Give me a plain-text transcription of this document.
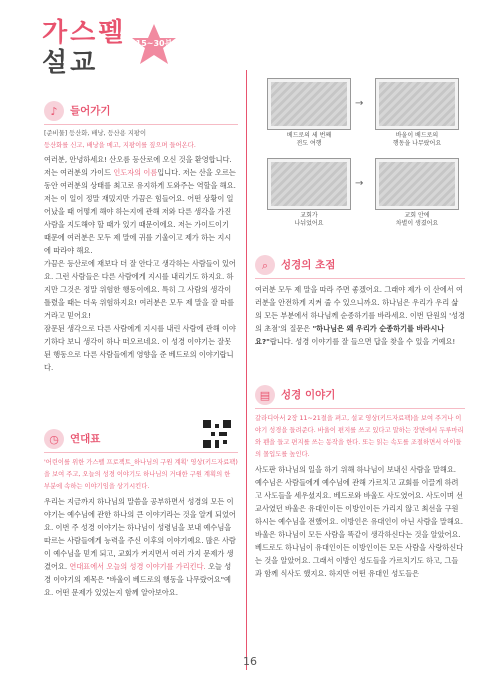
가스펠
설교
15~30분
♪	들어가기
[준비물] 등산화, 배낭, 등산용 지팡이
등산화를 신고, 배낭을 메고, 지팡이를 짚으며 들어온다.
여러분, 안녕하세요! 산오름 등산로에 오신 것을 환영합니다. 저는 여러분의 가이드 인도자의 이름입니다. 저는 산을 오르는 동안 여러분의 상태를 최고로 유지하게 도와주는 역할을 해요. 저는 이 일이 정말 재밌지만 가끔은 힘들어요. 어떤 상황이 일어났을 때 어떻게 해야 하는지에 관해 저와 다른 생각을 가진 사람을 지도해야 할 때가 있기 때문이에요. 저는 가이드이기 때문에 여러분은 모두 제 말에 귀를 기울이고 제가 하는 지시에 따라야 해요.
가끔은 등산로에 재보다 더 잘 안다고 생각하는 사람들이 있어요. 그런 사람들은 다른 사람에게 지시를 내리기도 하지요. 하지만 그것은 정말 위험한 행동이에요. 특히 그 사람의 생각이 틀렸을 때는 더욱 위험하지요! 여러분은 모두 제 말을 잘 따를 거라고 믿어요!
잠문된 생각으로 다른 사람에게 지시를 내린 사람에 관해 이야기하다 보니 생각이 하나 떠오르네요. 이 성경 이야기는 잘못된 행동으로 다른 사람들에게 영향을 준 베드로의 이야기랍니다.
◷	연대표
'어린이를 위한 가스펠 프로젝트_하나님의 구원 계획' 영상(키드자료팩)을 보여 주고, 오늘의 성경 이야기도 하나님의 거대한 구원 계획의 한 부분에 속하는 이야기임을 상기시킨다.
우리는 지금까지 하나님의 말씀을 공부하면서 성경의 모든 이야기는 예수님에 관한 하나의 큰 이야기라는 것을 알게 되었어요. 이번 주 성경 이야기는 하나님이 성령님을 보내 예수님을 따르는 사람들에게 능력을 주신 이후의 이야기예요. 많은 사람이 예수님을 믿게 되고, 교회가 커지면서 여러 가지 문제가 생겼어요. 연대표에서 오늘의 성경 이야기를 가리킨다. 오늘 성경 이야기의 제목은 "바울이 베드로의 행동을 나무랐어요"예요. 어떤 문제가 있었는지 함께 알아보아요.
베드로의 세 번째
전도 여행
바울이 베드로의
행동을 나무랐어요
→
교회가
나뉘었어요
교회 안에
차별이 생겼어요
→
⌕	성경의 초점
여러분 모두 제 말을 따라 주면 좋겠어요. 그래야 제가 이 산에서 여러분을 안전하게 지켜 줄 수 있으니까요. 하나님은 우리가 우리 삶의 모든 부분에서 하나님께 순종하기를 바라세요. 이번 단원의 '성경의 초점'의 질문은 "하나님은 왜 우리가 순종하기를 바라시나요?"랍니다. 성경 이야기를 잘 들으면 답을 찾을 수 있을 거예요!
▤	성경 이야기
갈라디아서 2장 11~21절을 펴고, 설교 영상(키드자료팩)을 보여 주거나 이야기 성경을 들려준다. 바울이 편지를 쓰고 있다고 말하는 장면에서 두루마리와 펜을 들고 편지를 쓰는 동작을 한다. 또는 읽는 속도를 조절하면서 아이들의 몰입도를 높인다.
사도판 하나님의 일을 하기 위해 하나님이 보내신 사람을 말해요. 예수님은 사람들에게 예수님에 관해 가르치고 교회를 이끌게 하려고 사도들을 세우셨지요. 베드로와 바울도 사도였어요. 사도이며 선교사였던 바울은 유대인이든 이방인이든 가리지 않고 최선을 구원하시는 예수님을 전했어요. 이방인은 유대인이 아닌 사람을 말해요. 바울은 하나님이 모든 사람을 똑같이 생각하신다는 것을 알았어요. 베드로도 하나님이 유대인이든 이방인이든 모든 사람을 사랑하신다는 것을 알았어요. 그래서 이방인 성도들을 가르치기도 하고, 그들과 함께 식사도 했지요. 하지만 어떤 유대인 성도들은
16
